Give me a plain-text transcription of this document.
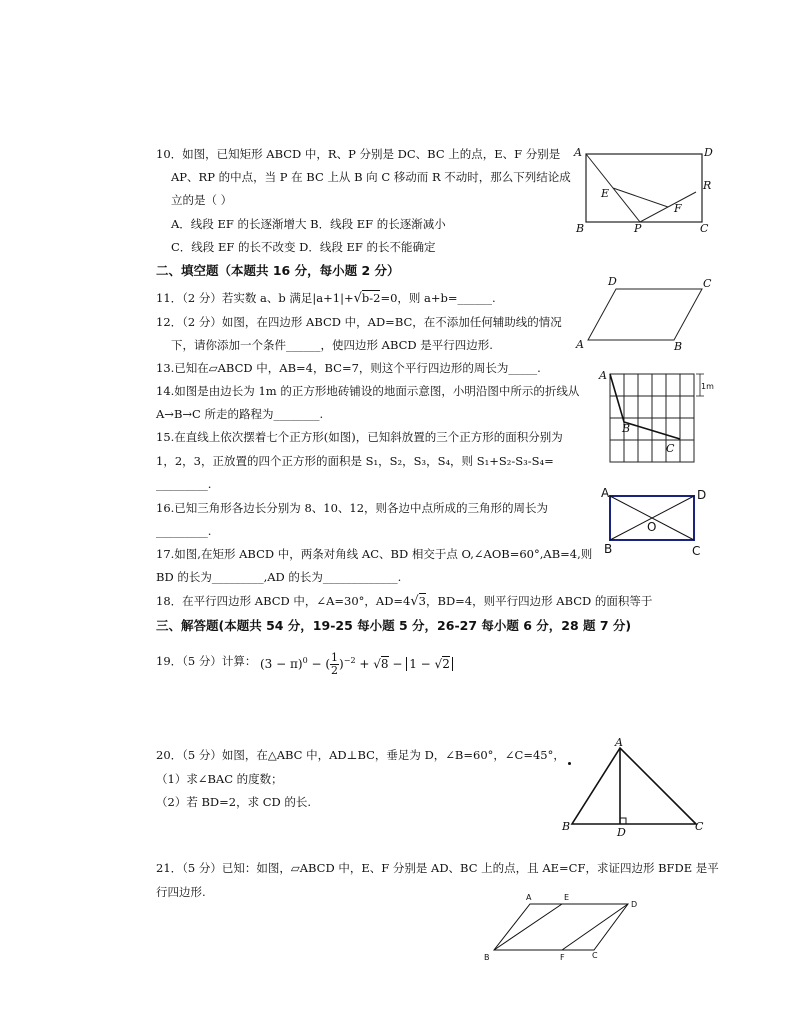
10．如图，已知矩形 ABCD 中，R、P 分别是 DC、BC 上的点，E、F 分别是
AP、RP 的中点，当 P 在 BC 上从 B 向 C 移动而 R 不动时，那么下列结论成
立的是（ ）
A．线段 EF 的长逐渐增大 B．线段 EF 的长逐渐减小
C．线段 EF 的长不改变 D．线段 EF 的长不能确定
A	D
B	C
P
R
E
F
二、填空题（本题共 16 分，每小题 2 分）
11．（2 分）若实数 a、b 满足|a+1|+√b-2=0，则 a+b=______.
12．（2 分）如图，在四边形 ABCD 中，AD=BC，在不添加任何辅助线的情况
下，请你添加一个条件______，使四边形 ABCD 是平行四边形.
D	C
A	B
13.已知在▱ABCD 中，AB=4，BC=7，则这个平行四边形的周长为_____.
14.如图是由边长为 1m 的正方形地砖铺设的地面示意图，小明沿图中所示的折线从
A→B→C 所走的路程为________.
1m
A
B
C
15.在直线上依次摆着七个正方形(如图)，已知斜放置的三个正方形的面积分别为
1，2，3，正放置的四个正方形的面积是 S₁，S₂，S₃，S₄，则 S₁+S₂-S₃-S₄=
_________.
16.已知三角形各边长分别为 8、10、12，则各边中点所成的三角形的周长为
_________.
A	D
B	C
O
17.如图,在矩形 ABCD 中，两条对角线 AC、BD 相交于点 O,∠AOB=60°,AB=4,则
BD 的长为_________,AD 的长为_____________.
18．在平行四边形 ABCD 中，∠A=30°，AD=4√3，BD=4，则平行四边形 ABCD 的面积等于
三、解答题(本题共 54 分，19-25 每小题 5 分，26-27 每小题 6 分，28 题 7 分)
19．（5 分）计算： $(3 - \pi)^0$ − ( $\frac{1}{2} )^{-2} + √8 - 1 - √2$
20．（5 分）如图，在△ABC 中，AD⊥BC，垂足为 D，∠B=60°，∠C=45°，
（1）求∠BAC 的度数；
（2）若 BD=2，求 CD 的长.
A
B	C
D
21．（5 分）已知：如图，▱ABCD 中，E、F 分别是 AD、BC 上的点，且 AE=CF，求证四边形 BFDE 是平
行四边形.	A	E
D
B	F	C
